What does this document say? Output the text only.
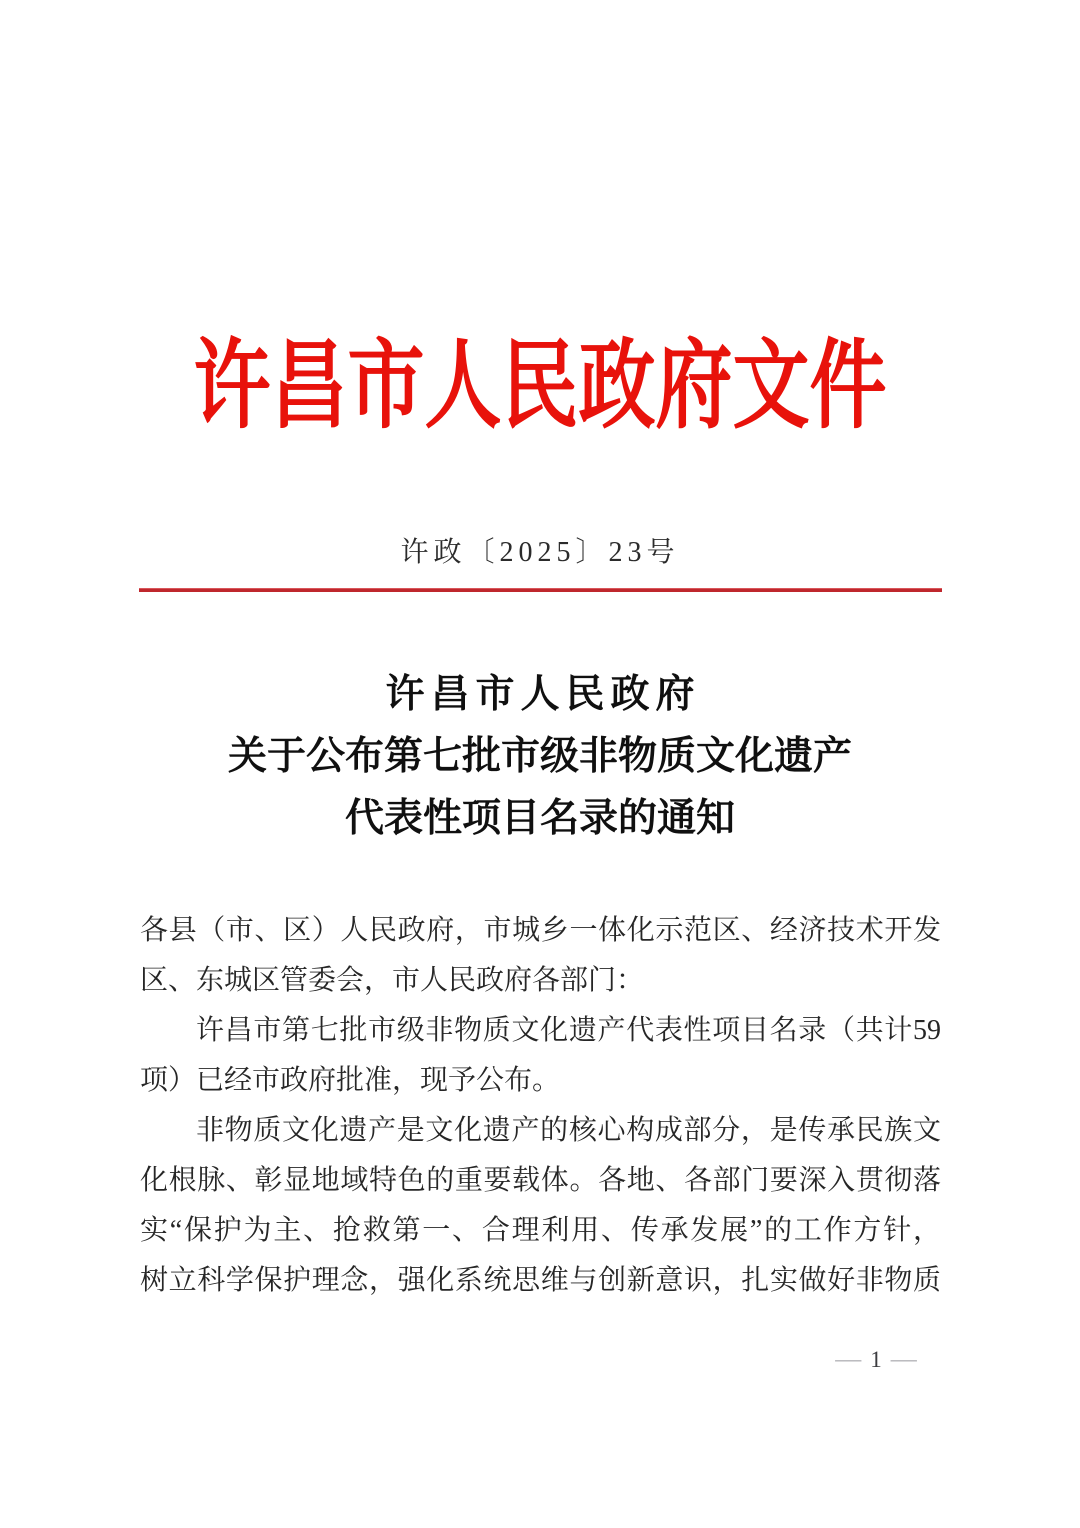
许昌市人民政府文件
许政〔2025〕23号
许昌市人民政府
关于公布第七批市级非物质文化遗产
代表性项目名录的通知
各县（市、区）人民政府，市城乡一体化示范区、经济技术开发
区、东城区管委会，市人民政府各部门：
许昌市第七批市级非物质文化遗产代表性项目名录（共计59
项）已经市政府批准，现予公布。
非物质文化遗产是文化遗产的核心构成部分，是传承民族文
化根脉、彰显地域特色的重要载体。各地、各部门要深入贯彻落
实“保护为主、抢救第一、合理利用、传承发展”的工作方针，
树立科学保护理念，强化系统思维与创新意识，扎实做好非物质
— 1 —
